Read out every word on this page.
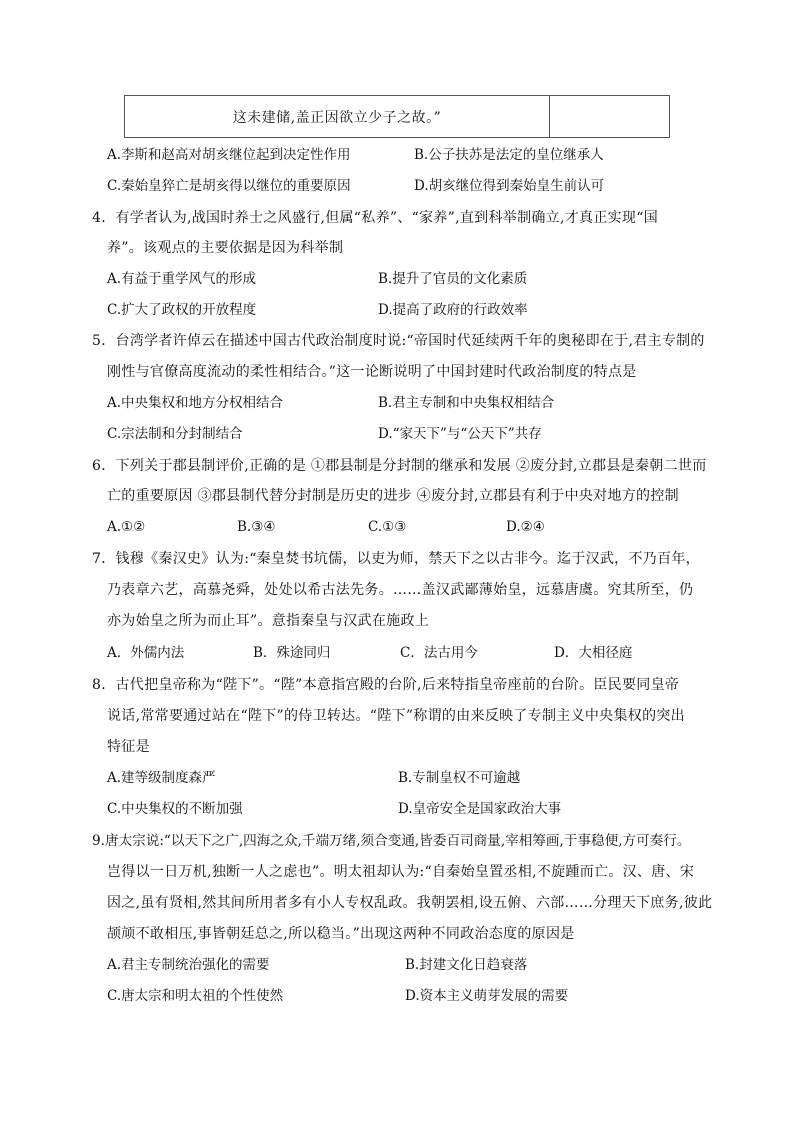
这未建储,盖正因欲立少子之故。”	
A.李斯和赵高对胡亥继位起到决定性作用	B.公子扶苏是法定的皇位继承人
C.秦始皇猝亡是胡亥得以继位的重要原因	D.胡亥继位得到秦始皇生前认可
4．有学者认为,战国时养士之风盛行,但属“私养”、“家养”,直到科举制确立,才真正实现“国
养”。该观点的主要依据是因为科举制
A.有益于重学风气的形成	B.提升了官员的文化素质
C.扩大了政权的开放程度	D.提高了政府的行政效率
5．台湾学者许倬云在描述中国古代政治制度时说:“帝国时代延续两千年的奥秘即在于,君主专制的
刚性与官僚高度流动的柔性相结合。”这一论断说明了中国封建时代政治制度的特点是
A.中央集权和地方分权相结合	B.君主专制和中央集权相结合
C.宗法制和分封制结合	D.“家天下”与“公天下”共存
6．下列关于郡县制评价,正确的是 ①郡县制是分封制的继承和发展 ②废分封,立郡县是秦朝二世而
亡的重要原因 ③郡县制代替分封制是历史的进步 ④废分封,立郡县有利于中央对地方的控制
A.①②	B.③④	C.①③	D.②④
7．钱穆《秦汉史》认为:“秦皇焚书坑儒，以吏为师，禁天下之以古非今。迄于汉武，不乃百年，
乃表章六艺，高慕尧舜，处处以希古法先务。……盖汉武鄙薄始皇，远慕唐虞。究其所至，仍
亦为始皇之所为而止耳”。意指秦皇与汉武在施政上
A．外儒内法	B．殊途同归	C．法古用今	D．大相径庭
8．古代把皇帝称为“陛下”。“陛”本意指宫殿的台阶,后来特指皇帝座前的台阶。臣民要同皇帝
说话,常常要通过站在“陛下”的侍卫转达。“陛下”称谓的由来反映了专制主义中央集权的突出
特征是
A.建等级制度森严	B.专制皇权不可逾越
C.中央集权的不断加强	D.皇帝安全是国家政治大事
9.唐太宗说:“以天下之广,四海之众,千端万绪,须合变通,皆委百司商量,宰相筹画,于事稳便,方可奏行。
岂得以一日万机,独断一人之虑也”。明太祖却认为:“自秦始皇置丞相,不旋踵而亡。汉、唐、宋
因之,虽有贤相,然其间所用者多有小人专权乱政。我朝罢相,设五俯、六部……分理天下庶务,彼此
颉颃不敢相压,事皆朝廷总之,所以稳当。”出现这两种不同政治态度的原因是
A.君主专制统治强化的需要	B.封建文化日趋衰落
C.唐太宗和明太祖的个性使然	D.资本主义萌芽发展的需要
